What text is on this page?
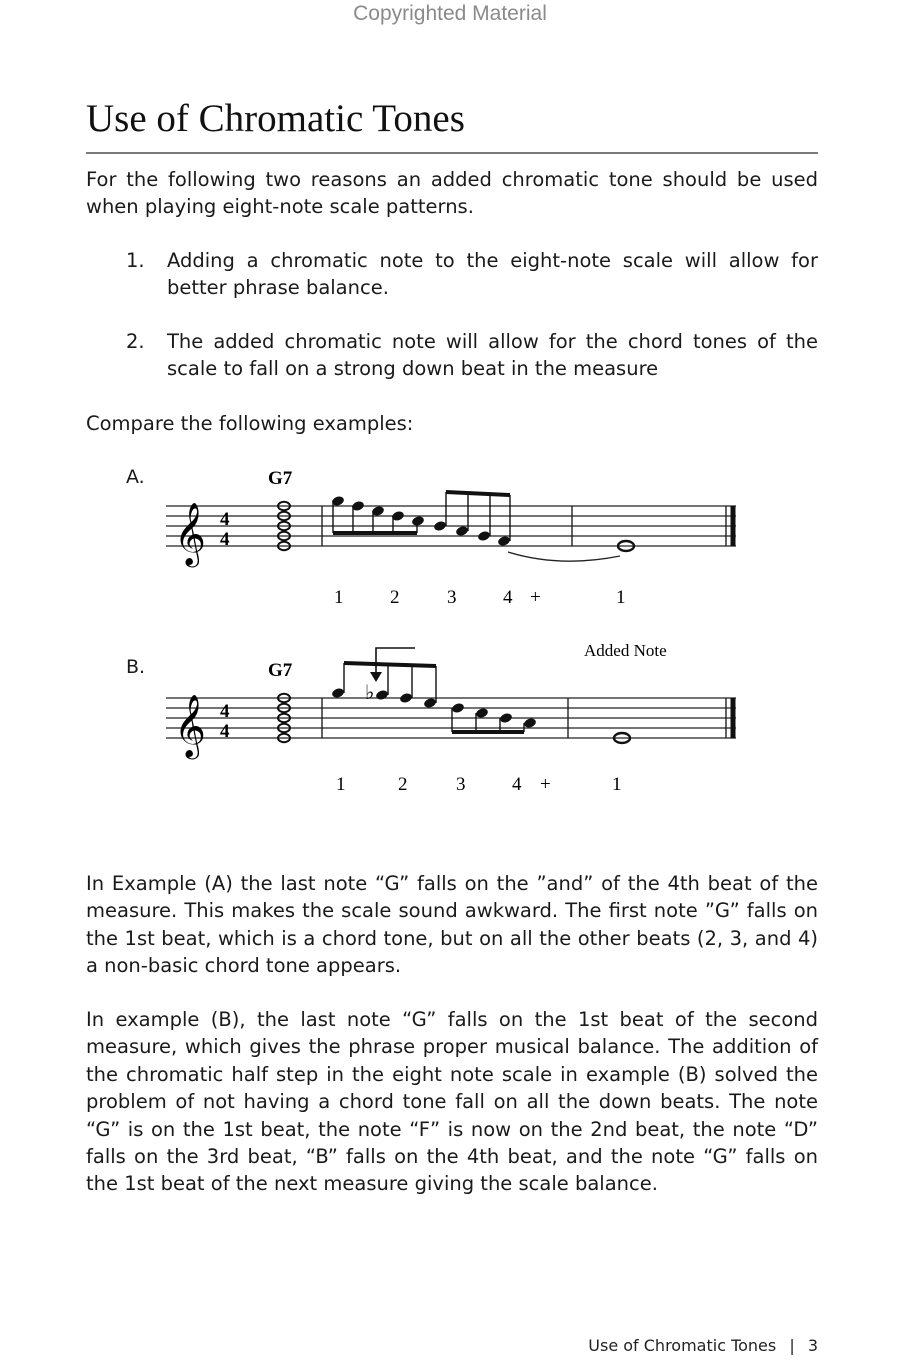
Copyrighted Material
Use of Chromatic Tones
For the following two reasons an added chromatic tone should be used when playing eight-note scale patterns.
1. Adding a chromatic note to the eight-note scale will allow for better phrase balance.
2. The added chromatic note will allow for the chord tones of the scale to fall on a strong down beat in the measure
Compare the following examples:
A.	G7
𝄞 4
4
1 2	3 4 +	1
B.
Added Note
G7
𝄞 4
4
♭
1	2	3 4 +	1
In Example (A) the last note “G” falls on the ”and” of the 4th beat of the measure. This makes the scale sound awkward. The first note ”G” falls on the 1st beat, which is a chord tone, but on all the other beats (2, 3, and 4) a non-basic chord tone appears.
In example (B), the last note “G” falls on the 1st beat of the second measure, which gives the phrase proper musical balance. The addition of the chromatic half step in the eight note scale in example (B) solved the problem of not having a chord tone fall on all the down beats. The note “G” is on the 1st beat, the note “F” is now on the 2nd beat, the note “D” falls on the 3rd beat, “B” falls on the 4th beat, and the note “G” falls on the 1st beat of the next measure giving the scale balance.
Use of Chromatic Tones | 3
